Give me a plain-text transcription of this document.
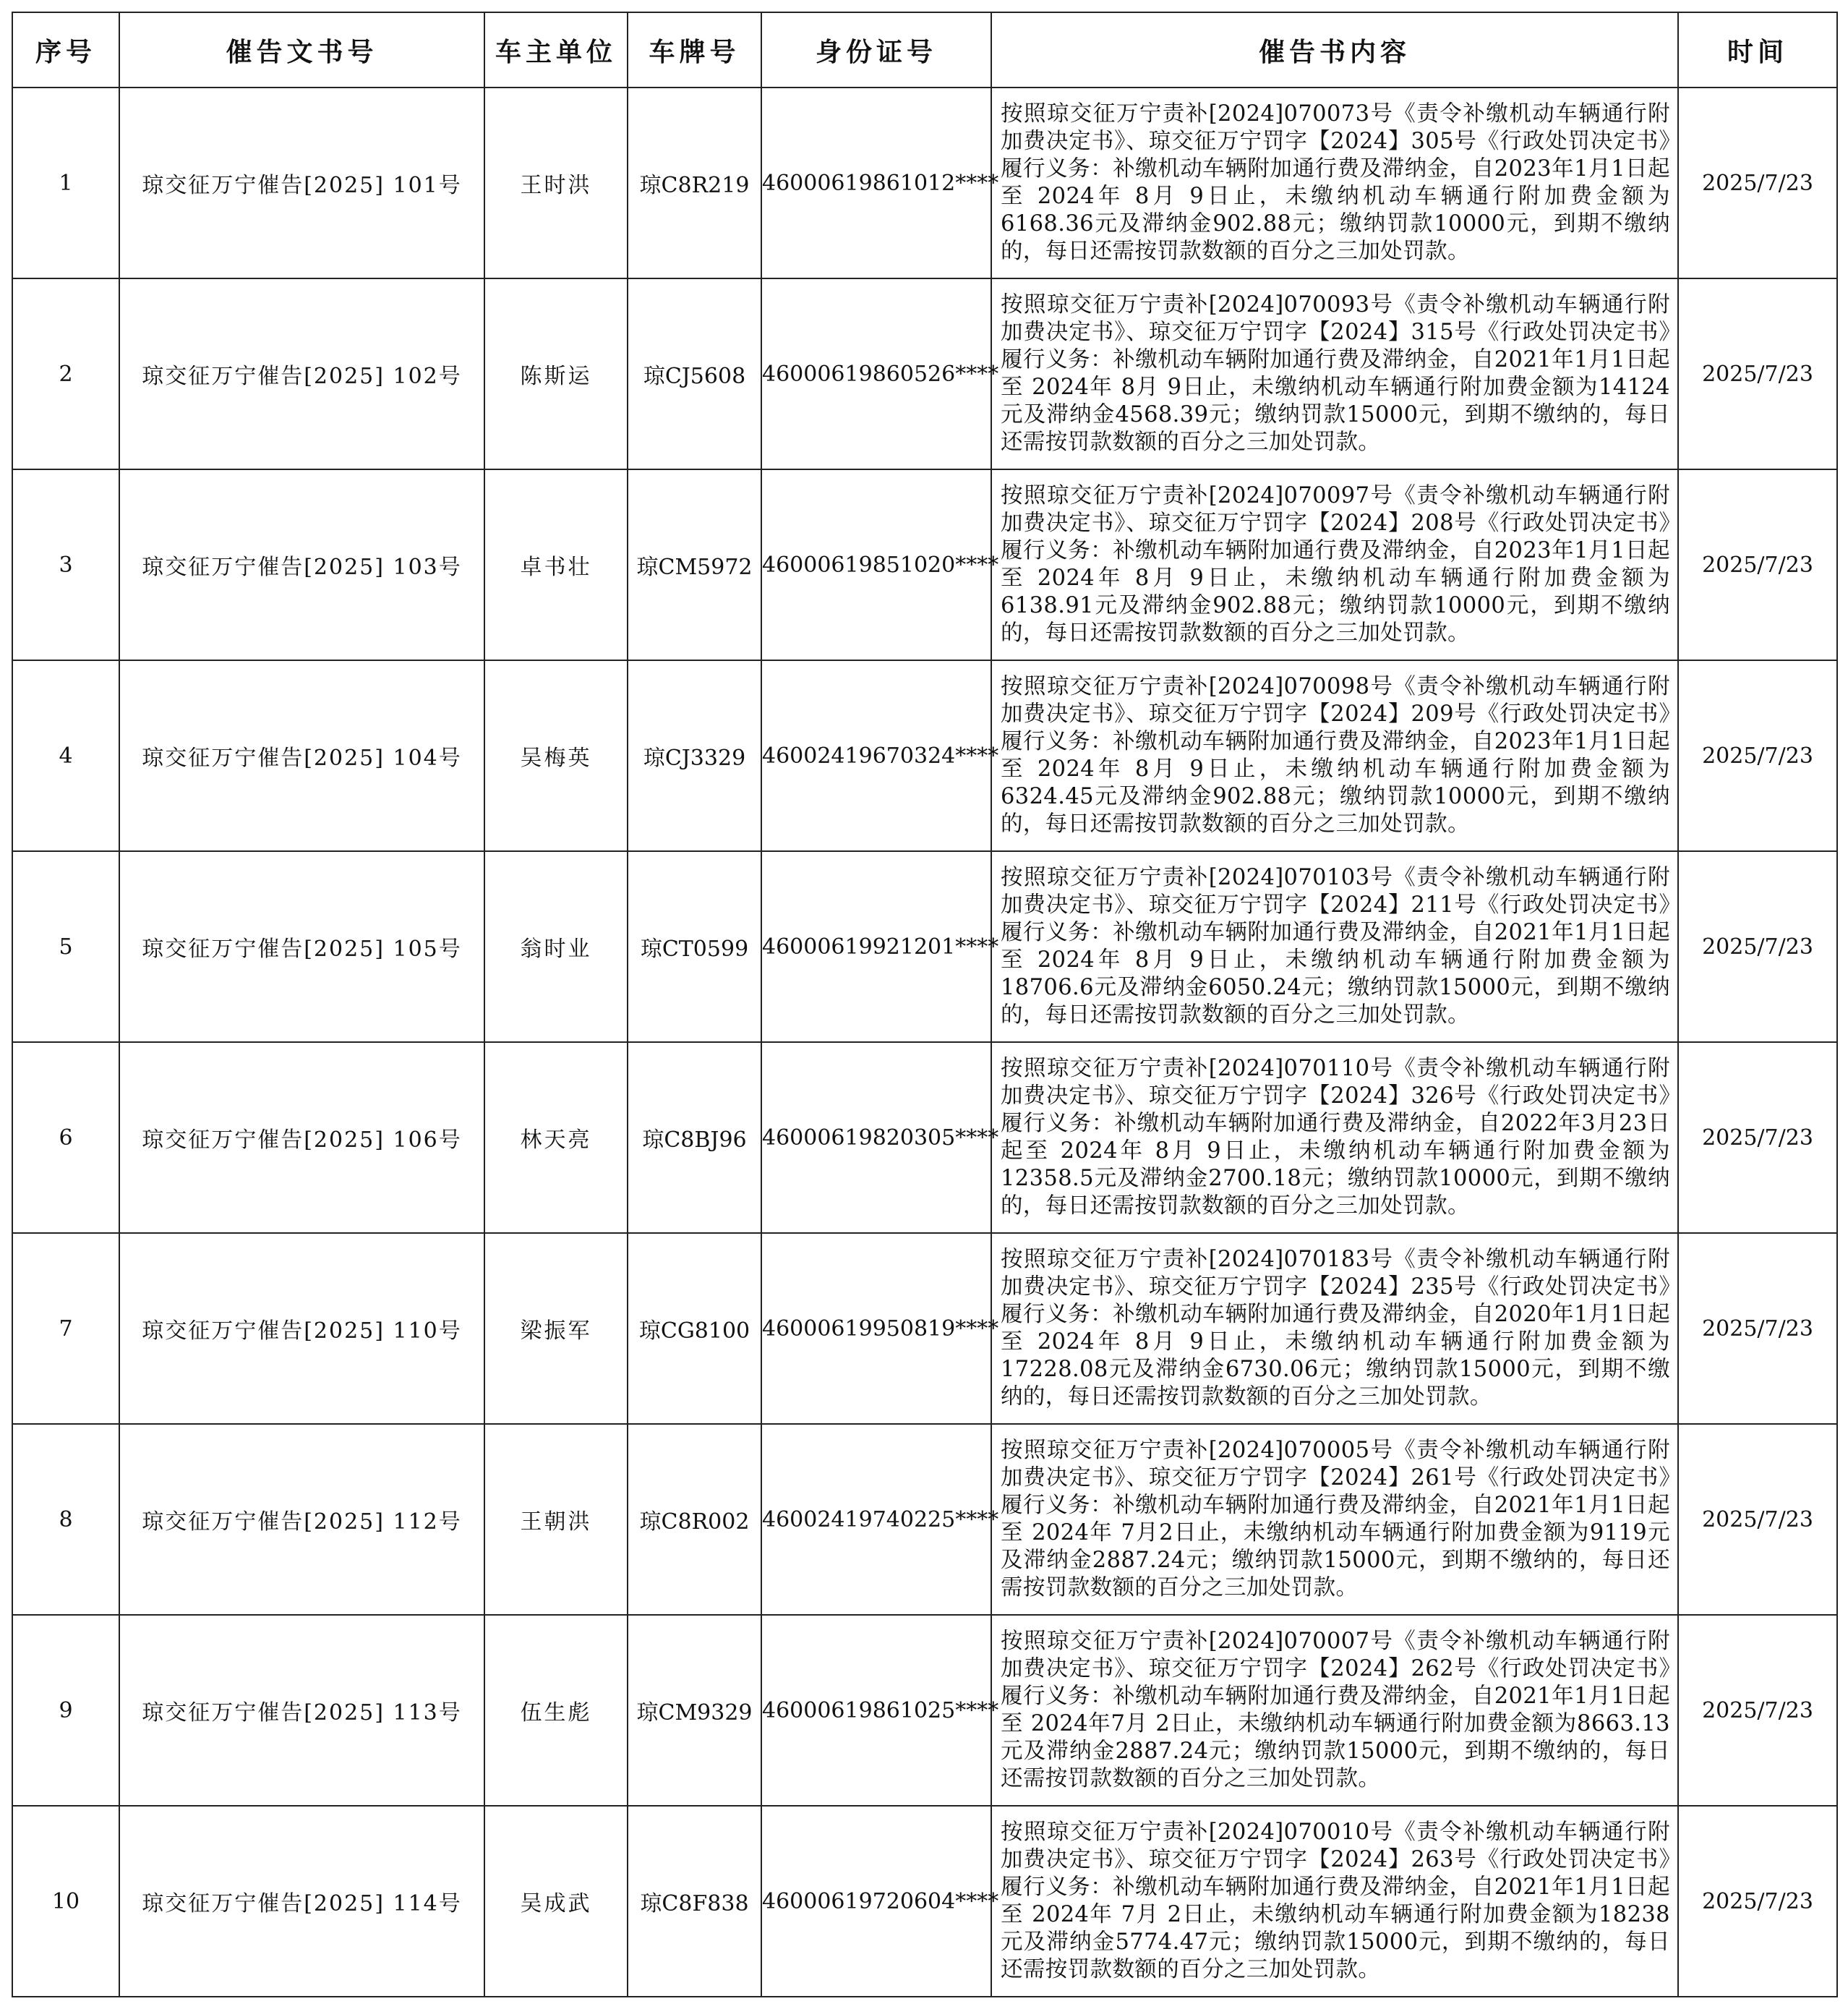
序号	催告文书号	车主单位	车牌号	身份证号	催告书内容	时间
1	琼交征万宁催告[2025] 101号	王时洪	琼C8R219	46000619861012****	按照琼交征万宁责补[2024]070073号《责令补缴机动车辆通行附加费决定书》、琼交征万宁罚字【2024】305号《行政处罚决定书》履行义务：补缴机动车辆附加通行费及滞纳金，自2023年1月1日起至 2024年 8月 9日止，未缴纳机动车辆通行附加费金额为6168.36元及滞纳金902.88元；缴纳罚款10000元，到期不缴纳的，每日还需按罚款数额的百分之三加处罚款。	2025/7/23
2	琼交征万宁催告[2025] 102号	陈斯运	琼CJ5608	46000619860526****	按照琼交征万宁责补[2024]070093号《责令补缴机动车辆通行附加费决定书》、琼交征万宁罚字【2024】315号《行政处罚决定书》履行义务：补缴机动车辆附加通行费及滞纳金，自2021年1月1日起至 2024年 8月 9日止，未缴纳机动车辆通行附加费金额为14124元及滞纳金4568.39元；缴纳罚款15000元，到期不缴纳的，每日还需按罚款数额的百分之三加处罚款。	2025/7/23
3	琼交征万宁催告[2025] 103号	卓书壮	琼CM5972	46000619851020****	按照琼交征万宁责补[2024]070097号《责令补缴机动车辆通行附加费决定书》、琼交征万宁罚字【2024】208号《行政处罚决定书》履行义务：补缴机动车辆附加通行费及滞纳金，自2023年1月1日起至 2024年 8月 9日止，未缴纳机动车辆通行附加费金额为6138.91元及滞纳金902.88元；缴纳罚款10000元，到期不缴纳的，每日还需按罚款数额的百分之三加处罚款。	2025/7/23
4	琼交征万宁催告[2025] 104号	吴梅英	琼CJ3329	46002419670324****	按照琼交征万宁责补[2024]070098号《责令补缴机动车辆通行附加费决定书》、琼交征万宁罚字【2024】209号《行政处罚决定书》履行义务：补缴机动车辆附加通行费及滞纳金，自2023年1月1日起至 2024年 8月 9日止，未缴纳机动车辆通行附加费金额为6324.45元及滞纳金902.88元；缴纳罚款10000元，到期不缴纳的，每日还需按罚款数额的百分之三加处罚款。	2025/7/23
5	琼交征万宁催告[2025] 105号	翁时业	琼CT0599	46000619921201****	按照琼交征万宁责补[2024]070103号《责令补缴机动车辆通行附加费决定书》、琼交征万宁罚字【2024】211号《行政处罚决定书》履行义务：补缴机动车辆附加通行费及滞纳金，自2021年1月1日起至 2024年 8月 9日止，未缴纳机动车辆通行附加费金额为18706.6元及滞纳金6050.24元；缴纳罚款15000元，到期不缴纳的，每日还需按罚款数额的百分之三加处罚款。	2025/7/23
6	琼交征万宁催告[2025] 106号	林天亮	琼C8BJ96	46000619820305****	按照琼交征万宁责补[2024]070110号《责令补缴机动车辆通行附加费决定书》、琼交征万宁罚字【2024】326号《行政处罚决定书》履行义务：补缴机动车辆附加通行费及滞纳金，自2022年3月23日起至 2024年 8月 9日止，未缴纳机动车辆通行附加费金额为12358.5元及滞纳金2700.18元；缴纳罚款10000元，到期不缴纳的，每日还需按罚款数额的百分之三加处罚款。	2025/7/23
7	琼交征万宁催告[2025] 110号	梁振军	琼CG8100	46000619950819****	按照琼交征万宁责补[2024]070183号《责令补缴机动车辆通行附加费决定书》、琼交征万宁罚字【2024】235号《行政处罚决定书》履行义务：补缴机动车辆附加通行费及滞纳金，自2020年1月1日起至 2024年 8月 9日止，未缴纳机动车辆通行附加费金额为17228.08元及滞纳金6730.06元；缴纳罚款15000元，到期不缴纳的，每日还需按罚款数额的百分之三加处罚款。	2025/7/23
8	琼交征万宁催告[2025] 112号	王朝洪	琼C8R002	46002419740225****	按照琼交征万宁责补[2024]070005号《责令补缴机动车辆通行附加费决定书》、琼交征万宁罚字【2024】261号《行政处罚决定书》履行义务：补缴机动车辆附加通行费及滞纳金，自2021年1月1日起至 2024年 7月2日止，未缴纳机动车辆通行附加费金额为9119元及滞纳金2887.24元；缴纳罚款15000元，到期不缴纳的，每日还需按罚款数额的百分之三加处罚款。	2025/7/23
9	琼交征万宁催告[2025] 113号	伍生彪	琼CM9329	46000619861025****	按照琼交征万宁责补[2024]070007号《责令补缴机动车辆通行附加费决定书》、琼交征万宁罚字【2024】262号《行政处罚决定书》履行义务：补缴机动车辆附加通行费及滞纳金，自2021年1月1日起至 2024年7月 2日止，未缴纳机动车辆通行附加费金额为8663.13元及滞纳金2887.24元；缴纳罚款15000元，到期不缴纳的，每日还需按罚款数额的百分之三加处罚款。	2025/7/23
10	琼交征万宁催告[2025] 114号	吴成武	琼C8F838	46000619720604****	按照琼交征万宁责补[2024]070010号《责令补缴机动车辆通行附加费决定书》、琼交征万宁罚字【2024】263号《行政处罚决定书》履行义务：补缴机动车辆附加通行费及滞纳金，自2021年1月1日起至 2024年 7月 2日止，未缴纳机动车辆通行附加费金额为18238元及滞纳金5774.47元；缴纳罚款15000元，到期不缴纳的，每日还需按罚款数额的百分之三加处罚款。	2025/7/23
